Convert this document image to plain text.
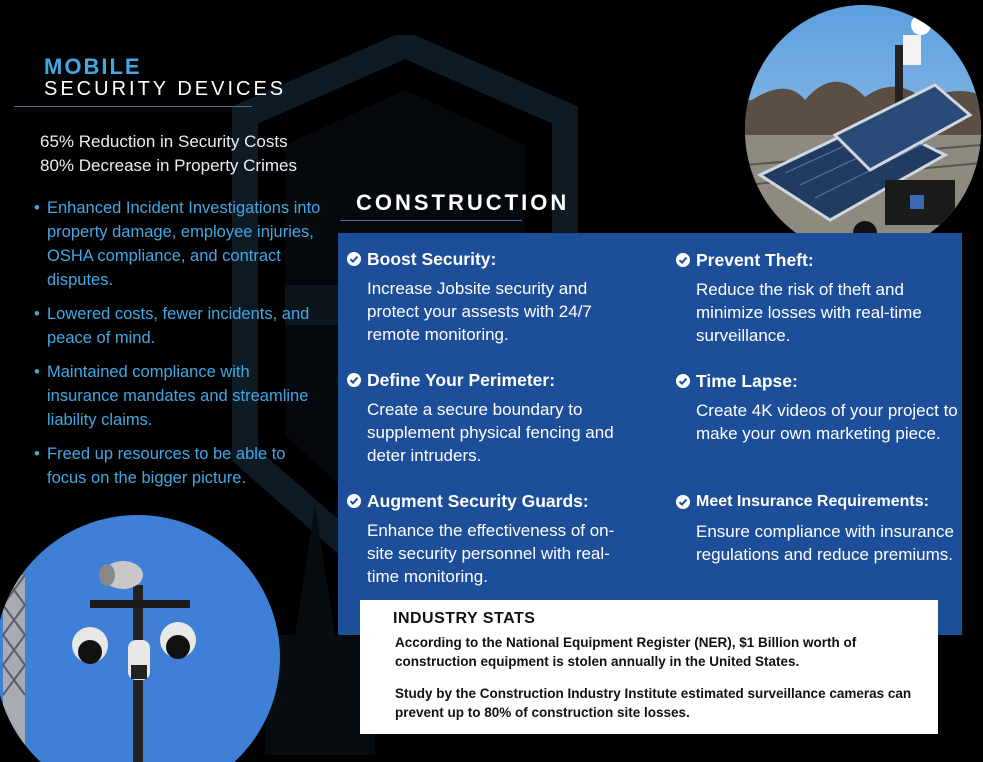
MOBILE
SECURITY DEVICES
65% Reduction in Security Costs
80% Decrease in Property Crimes
• Enhanced Incident Investigations into property damage, employee injuries, OSHA compliance, and contract disputes.
• Lowered costs, fewer incidents, and peace of mind.
• Maintained compliance with insurance mandates and streamline liability claims.
• Freed up resources to be able to focus on the bigger picture.
CONSTRUCTION
Boost Security:
Increase Jobsite security and protect your assests with 24/7 remote monitoring.
Prevent Theft:
Reduce the risk of theft and minimize losses with real-time surveillance.
Define Your Perimeter:
Create a secure boundary to supplement physical fencing and deter intruders.
Time Lapse:
Create 4K videos of your project to make your own marketing piece.
Augment Security Guards:
Enhance the effectiveness of on-site security personnel with real-time monitoring.
Meet Insurance Requirements :
Ensure compliance with insurance regulations and reduce premiums.
INDUSTRY STATS
According to the National Equipment Register (NER), $1 Billion worth of construction equipment is stolen annually in the United States.
Study by the Construction Industry Institute estimated surveillance cameras can prevent up to 80% of construction site losses.
